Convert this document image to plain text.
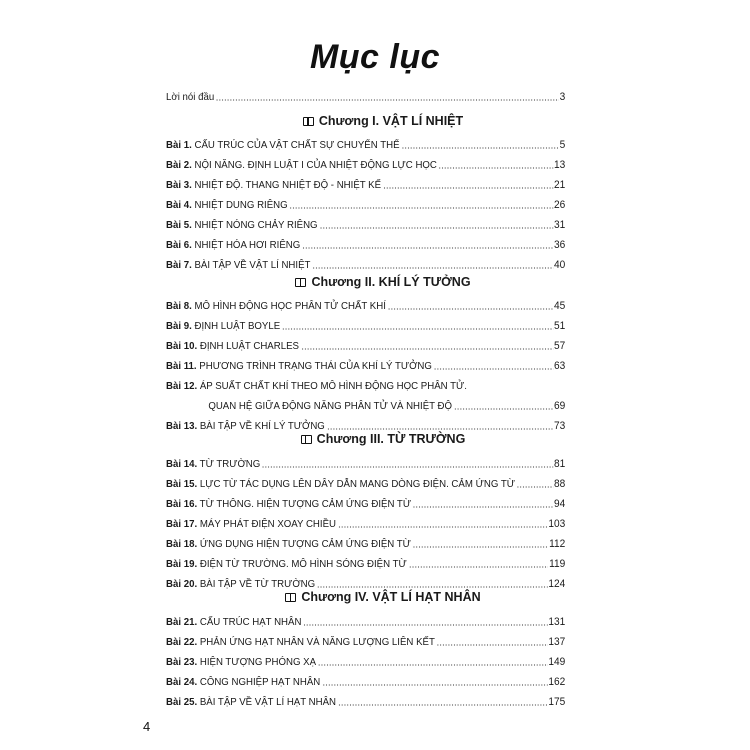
Mục lục
Lời nói đầu	3
Chương I. VẬT LÍ NHIỆT
Bài 1. CẤU TRÚC CỦA VẬT CHẤT SỰ CHUYỂN THỂ	5
Bài 2. NỘI NĂNG. ĐỊNH LUẬT I CỦA NHIỆT ĐỘNG LỰC HỌC	13
Bài 3. NHIỆT ĐỘ. THANG NHIỆT ĐỘ - NHIỆT KẾ	21
Bài 4. NHIỆT DUNG RIÊNG	26
Bài 5. NHIỆT NÓNG CHẢY RIÊNG	31
Bài 6. NHIỆT HÓA HƠI RIÊNG	36
Bài 7. BÀI TẬP VỀ VẬT LÍ NHIỆT	40
Chương II. KHÍ LÝ TƯỞNG
Bài 8. MÔ HÌNH ĐỘNG HỌC PHÂN TỬ CHẤT KHÍ	45
Bài 9. ĐỊNH LUẬT BOYLE	51
Bài 10. ĐỊNH LUẬT CHARLES	57
Bài 11. PHƯƠNG TRÌNH TRẠNG THÁI CỦA KHÍ LÝ TƯỞNG	63
Bài 12. ÁP SUẤT CHẤT KHÍ THEO MÔ HÌNH ĐỘNG HỌC PHÂN TỬ.
QUAN HỆ GIỮA ĐỘNG NĂNG PHÂN TỬ VÀ NHIỆT ĐỘ	69
Bài 13. BÀI TẬP VỀ KHÍ LÝ TƯỞNG	73
Chương III. TỪ TRƯỜNG
Bài 14. TỪ TRƯỜNG	81
Bài 15. LỰC TỪ TÁC DỤNG LÊN DÂY DẪN MANG DÒNG ĐIỆN. CẢM ỨNG TỪ	88
Bài 16. TỪ THÔNG. HIỆN TƯỢNG CẢM ỨNG ĐIỆN TỪ	94
Bài 17. MÁY PHÁT ĐIỆN XOAY CHIỀU	103
Bài 18. ỨNG DỤNG HIỆN TƯỢNG CẢM ỨNG ĐIỆN TỪ	112
Bài 19. ĐIỆN TỪ TRƯỜNG. MÔ HÌNH SÓNG ĐIỆN TỪ	119
Bài 20. BÀI TẬP VỀ TỪ TRƯỜNG	124
Chương IV. VẬT LÍ HẠT NHÂN
Bài 21. CẤU TRÚC HẠT NHÂN	131
Bài 22. PHẢN ỨNG HẠT NHÂN VÀ NĂNG LƯỢNG LIÊN KẾT	137
Bài 23. HIỆN TƯỢNG PHÓNG XẠ	149
Bài 24. CÔNG NGHIỆP HẠT NHÂN	162
Bài 25. BÀI TẬP VỀ VẬT LÍ HẠT NHÂN	175
4
